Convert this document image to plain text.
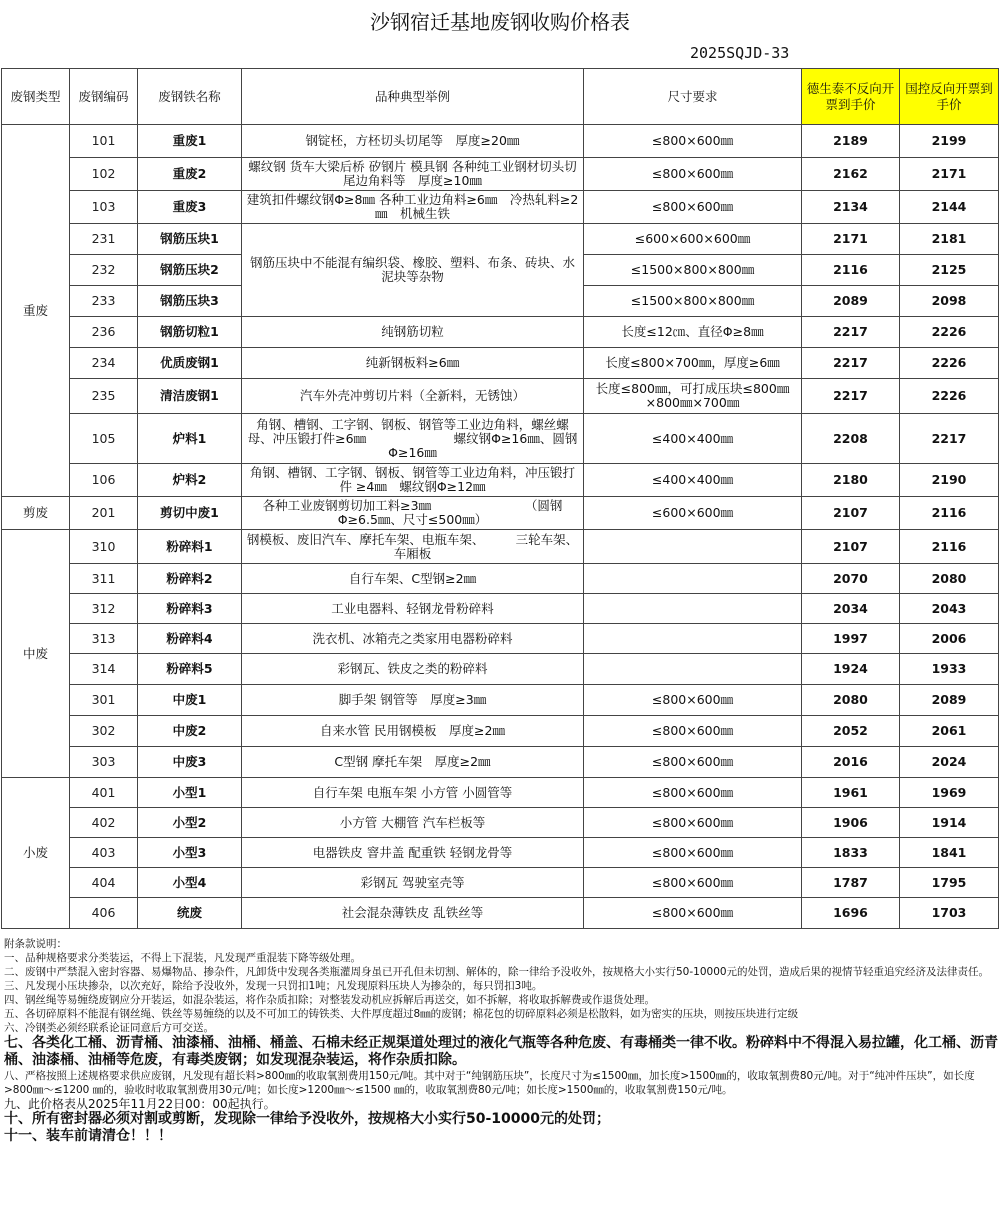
沙钢宿迁基地废钢收购价格表
2025SQJD-33
废钢类型	废钢编码	废钢铁名称	品种典型举例	尺寸要求	德生泰不反向开票到手价	国控反向开票到手价
重废	101	重废1	钢锭柸，方柸切头切尾等　厚度≥20㎜	≤800×600㎜	2189	2199
	102	重废2	螺纹钢 货车大梁后桥 矽钢片 模具钢 各种纯工业钢材切头切尾边角料等　厚度≥10㎜	≤800×600㎜	2162	2171
	103	重废3	建筑扣件螺纹钢Φ≥8㎜ 各种工业边角料≥6㎜　冷热轧料≥2㎜　机械生铁	≤800×600㎜	2134	2144
	231	钢筋压块1	钢筋压块中不能混有编织袋、橡胶、塑料、布条、砖块、水泥块等杂物	≤600×600×600㎜	2171	2181
	232	钢筋压块2		≤1500×800×800㎜	2116	2125
	233	钢筋压块3		≤1500×800×800㎜	2089	2098
	236	钢筋切粒1	纯钢筋切粒	长度≤12㎝、直径Φ≥8㎜	2217	2226
	234	优质废钢1	纯新钢板料≥6㎜	长度≤800×700㎜，厚度≥6㎜	2217	2226
	235	清洁废钢1	汽车外壳冲剪切片料（全新料，无锈蚀）	长度≤800㎜，可打成压块≤800㎜×800㎜×700㎜	2217	2226
	105	炉料1	角钢、槽钢、工字钢、钢板、钢管等工业边角料，螺丝螺母、冲压锻打件≥6㎜　　　　　　　螺纹钢Φ≥16㎜、圆钢Φ≥16㎜	≤400×400㎜	2208	2217
	106	炉料2	角钢、槽钢、工字钢、钢板、钢管等工业边角料，冲压锻打件 ≥4㎜　螺纹钢Φ≥12㎜	≤400×400㎜	2180	2190
剪废	201	剪切中废1	各种工业废钢剪切加工料≥3㎜　　　　　　　　（圆钢Φ≥6.5㎜、尺寸≤500㎜）	≤600×600㎜	2107	2116
中废	310	粉碎料1	钢模板、废旧汽车、摩托车架、电瓶车架、　　　三轮车架、车厢板		2107	2116
	311	粉碎料2	自行车架、C型钢≥2㎜		2070	2080
	312	粉碎料3	工业电器料、轻钢龙骨粉碎料		2034	2043
	313	粉碎料4	洗衣机、冰箱壳之类家用电器粉碎料		1997	2006
	314	粉碎料5	彩钢瓦、铁皮之类的粉碎料		1924	1933
	301	中废1	脚手架 钢管等　厚度≥3㎜	≤800×600㎜	2080	2089
	302	中废2	自来水管 民用钢模板　厚度≥2㎜	≤800×600㎜	2052	2061
	303	中废3	C型钢 摩托车架　厚度≥2㎜	≤800×600㎜	2016	2024
小废	401	小型1	自行车架 电瓶车架 小方管 小圆管等	≤800×600㎜	1961	1969
	402	小型2	小方管 大棚管 汽车栏板等	≤800×600㎜	1906	1914
	403	小型3	电器铁皮 窨井盖 配重铁 轻钢龙骨等	≤800×600㎜	1833	1841
	404	小型4	彩钢瓦 驾驶室壳等	≤800×600㎜	1787	1795
	406	统废	社会混杂薄铁皮 乱铁丝等	≤800×600㎜	1696	1703
附条款说明：
一、品种规格要求分类装运，不得上下混装，凡发现严重混装下降等级处理。
二、废钢中严禁混入密封容器、易爆物品、掺杂件，凡卸货中发现各类瓶灌周身虽已开孔但未切割、解体的，除一律给予没收外，按规格大小实行50-10000元的处罚，造成后果的视情节轻重追究经济及法律责任。
三、凡发现小压块掺杂，以次充好，除给予没收外，发现一只罚扣1吨；凡发现原料压块人为掺杂的，每只罚扣3吨。
四、钢丝绳等易缠绕废钢应分开装运，如混杂装运，将作杂质扣除；对整装发动机应拆解后再送交，如不拆解，将收取拆解费或作退货处理。
五、各切碎原料不能混有钢丝绳、铁丝等易缠绕的以及不可加工的铸铁类、大件厚度超过8㎜的废钢；棉花包的切碎原料必须是松散料，如为密实的压块，则按压块进行定级
六、冷钢类必须经联系论证同意后方可交送。
七、各类化工桶、沥青桶、油漆桶、油桶、桶盖、石棉未经正规渠道处理过的液化气瓶等各种危废、有毒桶类一律不收。粉碎料中不得混入易拉罐，化工桶、沥青桶、油漆桶、油桶等危废，有毒类废钢；如发现混杂装运，将作杂质扣除。
八、严格按照上述规格要求供应废钢，凡发现有超长料>800㎜的收取氧割费用150元/吨。其中对于“纯钢筋压块”，长度尺寸为≤1500㎜，加长度>1500㎜的，收取氧割费80元/吨。对于“纯冲件压块”，如长度>800㎜～≤1200 ㎜的，验收时收取氧割费用30元/吨；如长度>1200㎜～≤1500 ㎜的，收取氧割费80元/吨；如长度>1500㎜的，收取氧割费150元/吨。
九、此价格表从2025年11月22日00：00起执行。
十、所有密封器必须对割或剪断，发现除一律给予没收外，按规格大小实行50-10000元的处罚；
十一、装车前请清仓！！！
